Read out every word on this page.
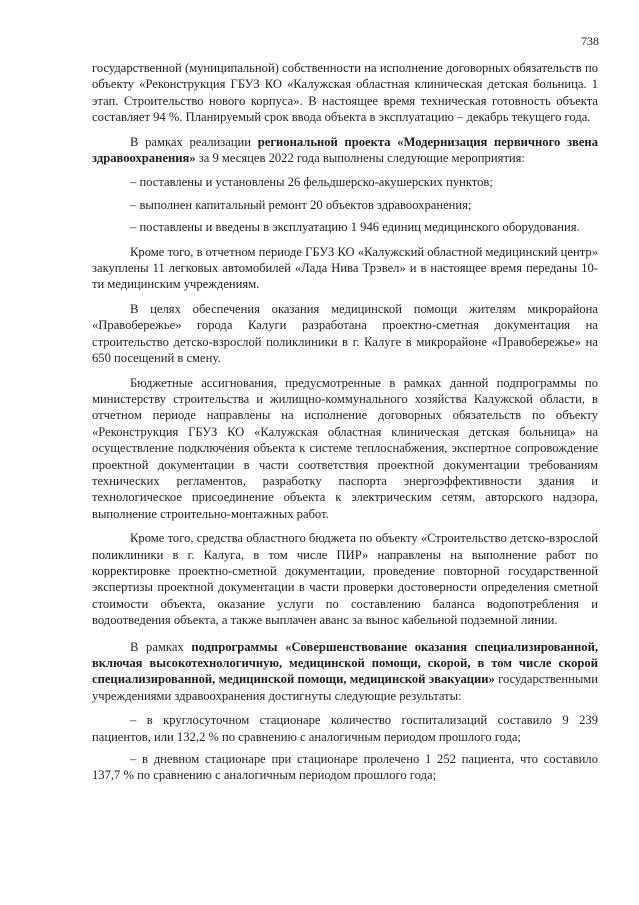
738

государственной (муниципальной) собственности на исполнение договорных обязательств по объекту «Реконструкция ГБУЗ КО «Калужская областная клиническая детская больница. 1 этап. Строительство нового корпуса». В настоящее время техническая готовность объекта составляет 94 %. Планируемый срок ввода объекта в эксплуатацию – декабрь текущего года.

В рамках реализации региональной проекта «Модернизация первичного звена здравоохранения» за 9 месяцев 2022 года выполнены следующие мероприятия:

– поставлены и установлены 26 фельдшерско-акушерских пунктов;

– выполнен капитальный ремонт 20 объектов здравоохранения;

– поставлены и введены в эксплуатацию 1 946 единиц медицинского оборудования.

Кроме того, в отчетном периоде ГБУЗ КО «Калужский областной медицинский центр» закуплены 11 легковых автомобилей «Лада Нива Трэвел» и в настоящее время переданы 10-ти медицинским учреждениям.

В целях обеспечения оказания медицинской помощи жителям микрорайона «Правобережье» города Калуги разработана проектно-сметная документация на строительство детско-взрослой поликлиники в г. Калуге в микрорайоне «Правобережье» на 650 посещений в смену.

Бюджетные ассигнования, предусмотренные в рамках данной подпрограммы по министерству строительства и жилищно-коммунального хозяйства Калужской области, в отчетном периоде направлены на исполнение договорных обязательств по объекту «Реконструкция ГБУЗ КО «Калужская областная клиническая детская больница» на осуществление подключения объекта к системе теплоснабжения, экспертное сопровождение проектной документации в части соответствия проектной документации требованиям технических регламентов, разработку паспорта энергоэффективности здания и технологическое присоединение объекта к электрическим сетям, авторского надзора, выполнение строительно-монтажных работ.

Кроме того, средства областного бюджета по объекту «Строительство детско-взрослой поликлиники в г. Калуга, в том числе ПИР» направлены на выполнение работ по корректировке проектно-сметной документации, проведение повторной государственной экспертизы проектной документации в части проверки достоверности определения сметной стоимости объекта, оказание услуги по составлению баланса водопотребления и водоотведения объекта, а также выплачен аванс за вынос кабельной подземной линии.

В рамках подпрограммы «Совершенствование оказания специализированной, включая высокотехнологичную, медицинской помощи, скорой, в том числе скорой специализированной, медицинской помощи, медицинской эвакуации» государственными учреждениями здравоохранения достигнуты следующие результаты:

– в круглосуточном стационаре количество госпитализаций составило 9 239 пациентов, или 132,2 % по сравнению с аналогичным периодом прошлого года;

– в дневном стационаре при стационаре пролечено 1 252 пациента, что составило 137,7 % по сравнению с аналогичным периодом прошлого года;
